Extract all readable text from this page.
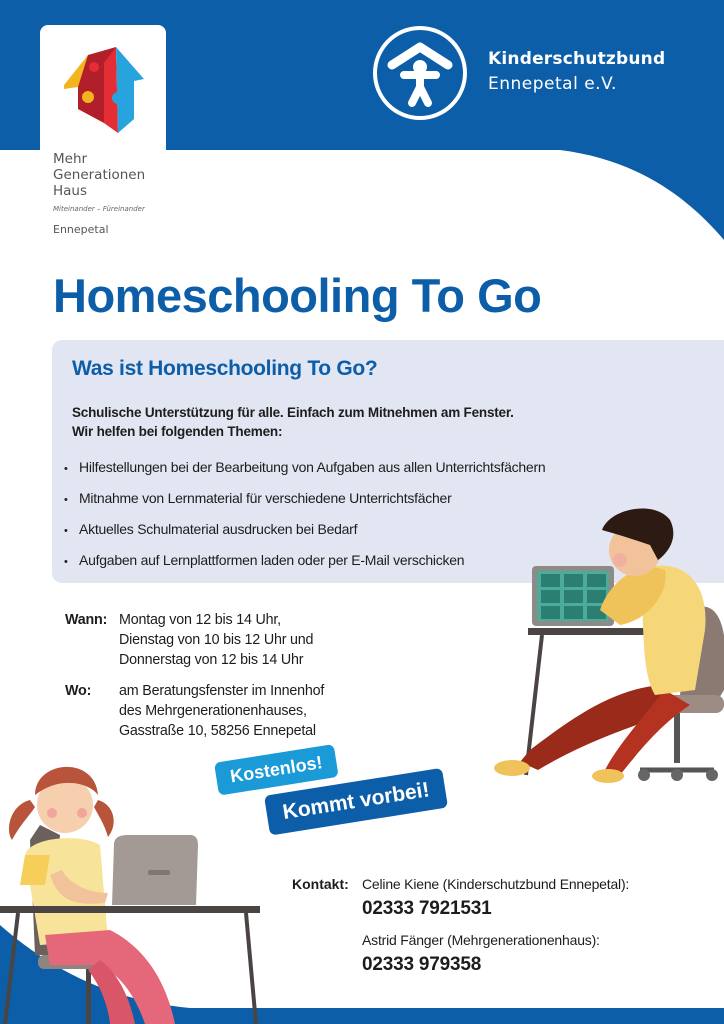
Mehr
Generationen
Haus
Miteinander – Füreinander
Ennepetal
Kinderschutzbund
Ennepetal e.V.
Homeschooling To Go
Was ist Homeschooling To Go?
Schulische Unterstützung für alle. Einfach zum Mitnehmen am Fenster.
Wir helfen bei folgenden Themen:
• Hilfestellungen bei der Bearbeitung von Aufgaben aus allen Unterrichtsfächern
• Mitnahme von Lernmaterial für verschiedene Unterrichtsfächer
• Aktuelles Schulmaterial ausdrucken bei Bedarf
• Aufgaben auf Lernplattformen laden oder per E-Mail verschicken
Wann: Montag von 12 bis 14 Uhr,
Dienstag von 10 bis 12 Uhr und
Donnerstag von 12 bis 14 Uhr
Wo: am Beratungsfenster im Innenhof
des Mehrgenerationenhauses,
Gasstraße 10, 58256 Ennepetal
Kostenlos!
Kommt vorbei!
Kontakt: Celine Kiene (Kinderschutzbund Ennepetal):
02333 7921531
Astrid Fänger (Mehrgenerationenhaus):
02333 979358
